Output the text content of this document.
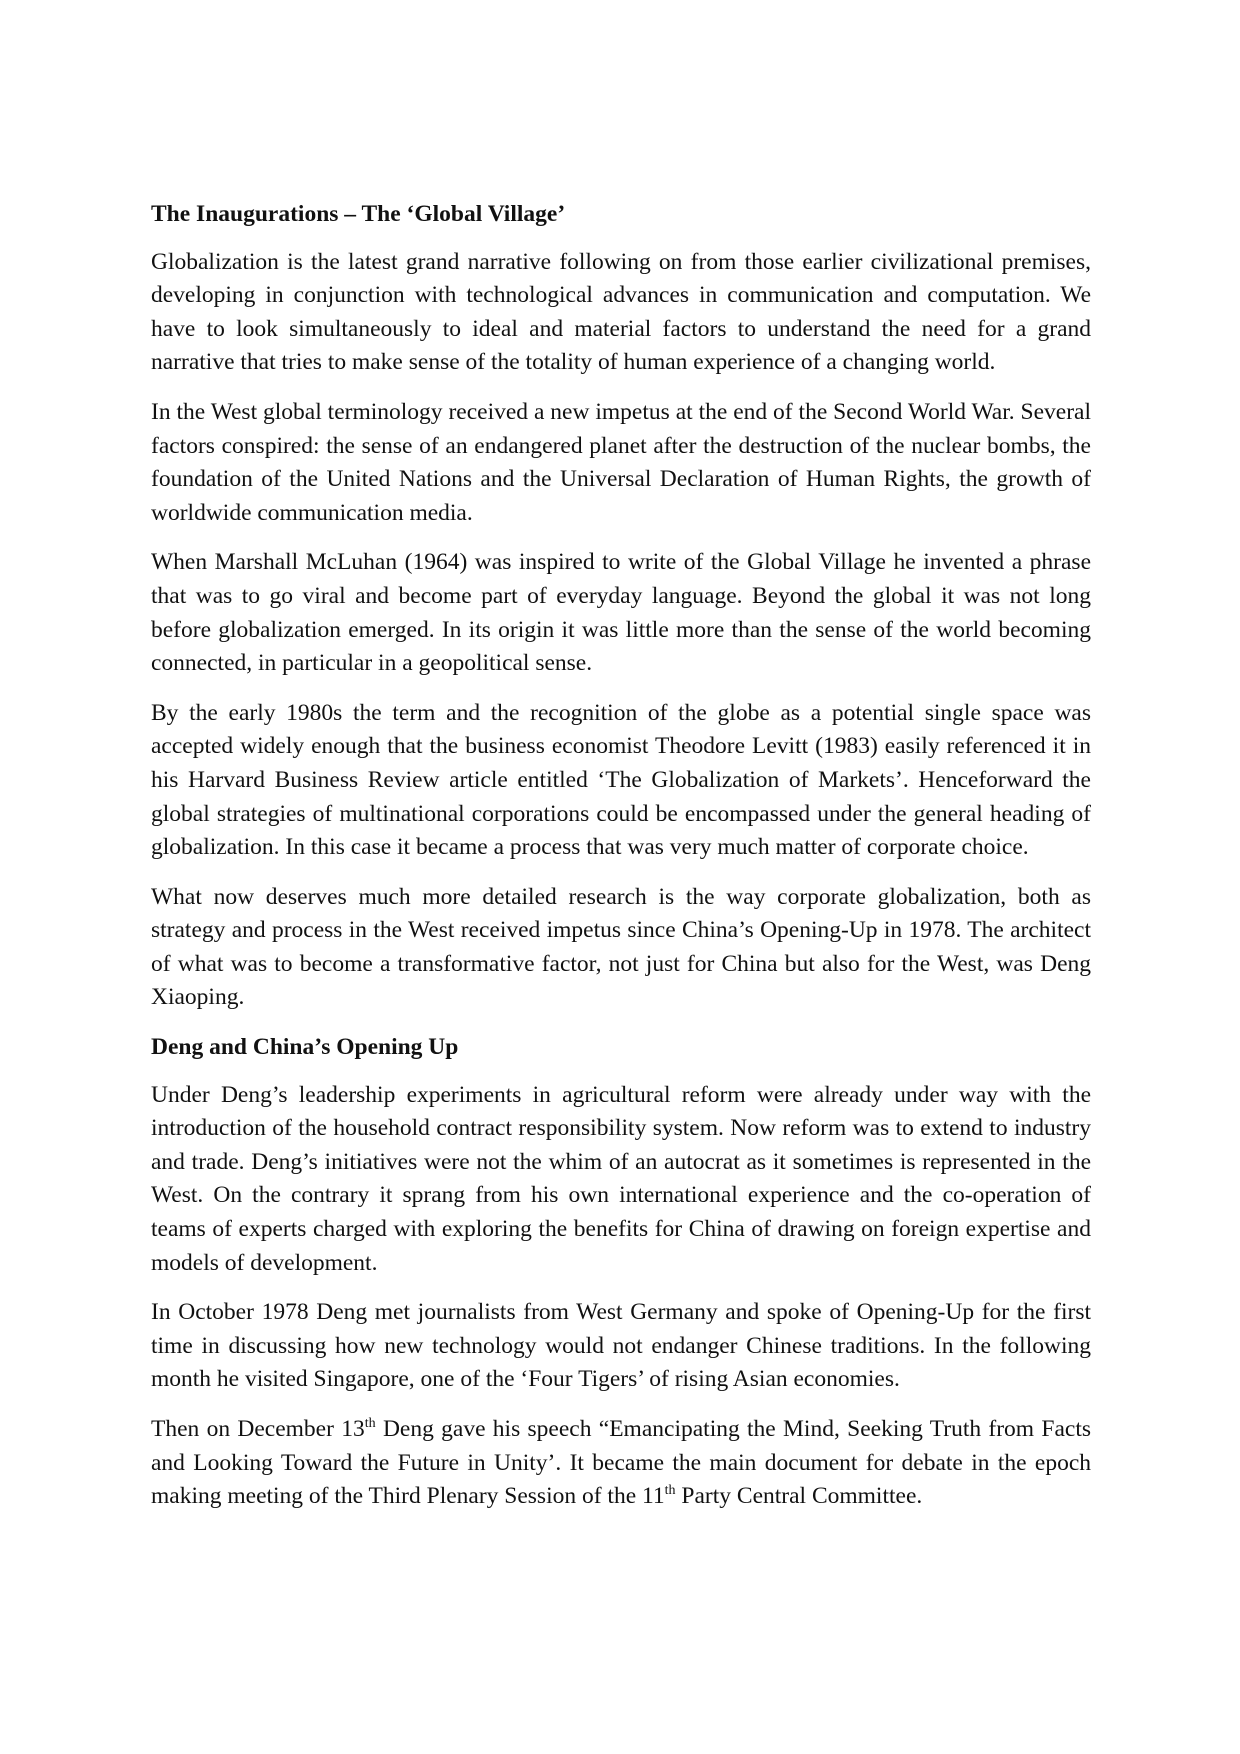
The Inaugurations – The ‘Global Village’

Globalization is the latest grand narrative following on from those earlier civilizational premises, developing in conjunction with technological advances in communication and computation. We have to look simultaneously to ideal and material factors to understand the need for a grand narrative that tries to make sense of the totality of human experience of a changing world.

In the West global terminology received a new impetus at the end of the Second World War. Several factors conspired: the sense of an endangered planet after the destruction of the nuclear bombs, the foundation of the United Nations and the Universal Declaration of Human Rights, the growth of worldwide communication media.

When Marshall McLuhan (1964) was inspired to write of the Global Village he invented a phrase that was to go viral and become part of everyday language. Beyond the global it was not long before globalization emerged. In its origin it was little more than the sense of the world becoming connected, in particular in a geopolitical sense.

By the early 1980s the term and the recognition of the globe as a potential single space was accepted widely enough that the business economist Theodore Levitt (1983) easily referenced it in his Harvard Business Review article entitled ‘The Globalization of Markets’. Henceforward the global strategies of multinational corporations could be encompassed under the general heading of globalization. In this case it became a process that was very much matter of corporate choice.

What now deserves much more detailed research is the way corporate globalization, both as strategy and process in the West received impetus since China’s Opening-Up in 1978. The architect of what was to become a transformative factor, not just for China but also for the West, was Deng Xiaoping.

Deng and China’s Opening Up

Under Deng’s leadership experiments in agricultural reform were already under way with the introduction of the household contract responsibility system. Now reform was to extend to industry and trade. Deng’s initiatives were not the whim of an autocrat as it sometimes is represented in the West. On the contrary it sprang from his own international experience and the co-operation of teams of experts charged with exploring the benefits for China of drawing on foreign expertise and models of development.

In October 1978 Deng met journalists from West Germany and spoke of Opening-Up for the first time in discussing how new technology would not endanger Chinese traditions. In the following month he visited Singapore, one of the ‘Four Tigers’ of rising Asian economies.

Then on December 13th Deng gave his speech “Emancipating the Mind, Seeking Truth from Facts and Looking Toward the Future in Unity’. It became the main document for debate in the epoch making meeting of the Third Plenary Session of the 11th Party Central Committee.
